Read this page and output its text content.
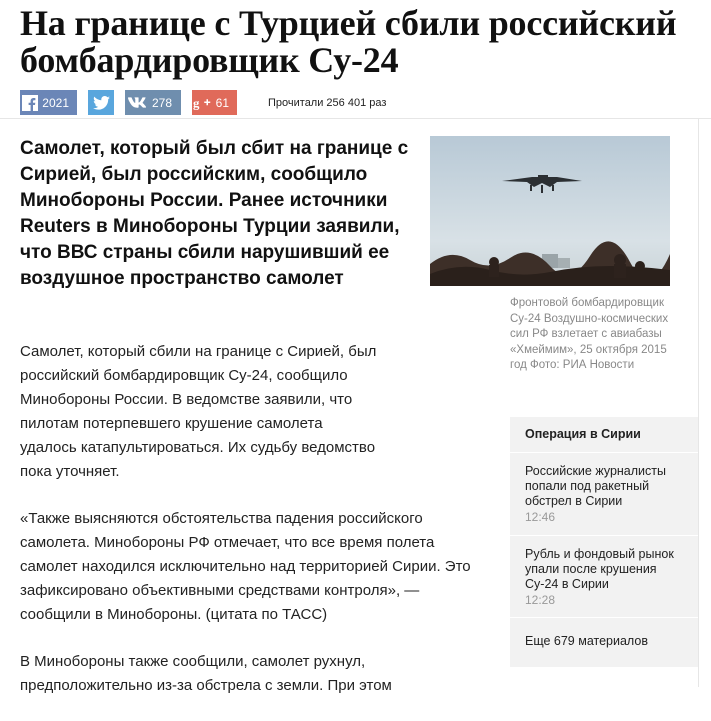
На границе с Турцией сбили российский бомбардировщик Су-24
2021	278	g 61	Прочитали 256 401 раз

Самолет, который был сбит на границе с Сирией, был российским, сообщило Минобороны России. Ранее источники Reuters в Минобороны Турции заявили, что ВВС страны сбили нарушивший ее воздушное пространство самолет

Фронтовой бомбардировщик Су-24 Воздушно-космических сил РФ взлетает с авиабазы «Хмеймим», 25 октября 2015 год Фото: РИА Новости

Самолет, который сбили на границе с Сирией, был российский бомбардировщик Су-24, сообщило Минобороны России. В ведомстве заявили, что пилотам потерпевшего крушение самолета удалось катапультироваться. Их судьбу ведомство пока уточняет.

«Также выясняются обстоятельства падения российского самолета. Минобороны РФ отмечает, что все время полета самолет находился исключительно над территорией Сирии. Это зафиксировано объективными средствами контроля», — сообщили в Минобороны. (цитата по ТАСС)

В Минобороны также сообщили, самолет рухнул, предположительно из-за обстрела с земли. При этом

Операция в Сирии
Российские журналисты попали под ракетный обстрел в Сирии
12:46
Рубль и фондовый рынок упали после крушения Су-24 в Сирии
12:28
Еще 679 материалов
